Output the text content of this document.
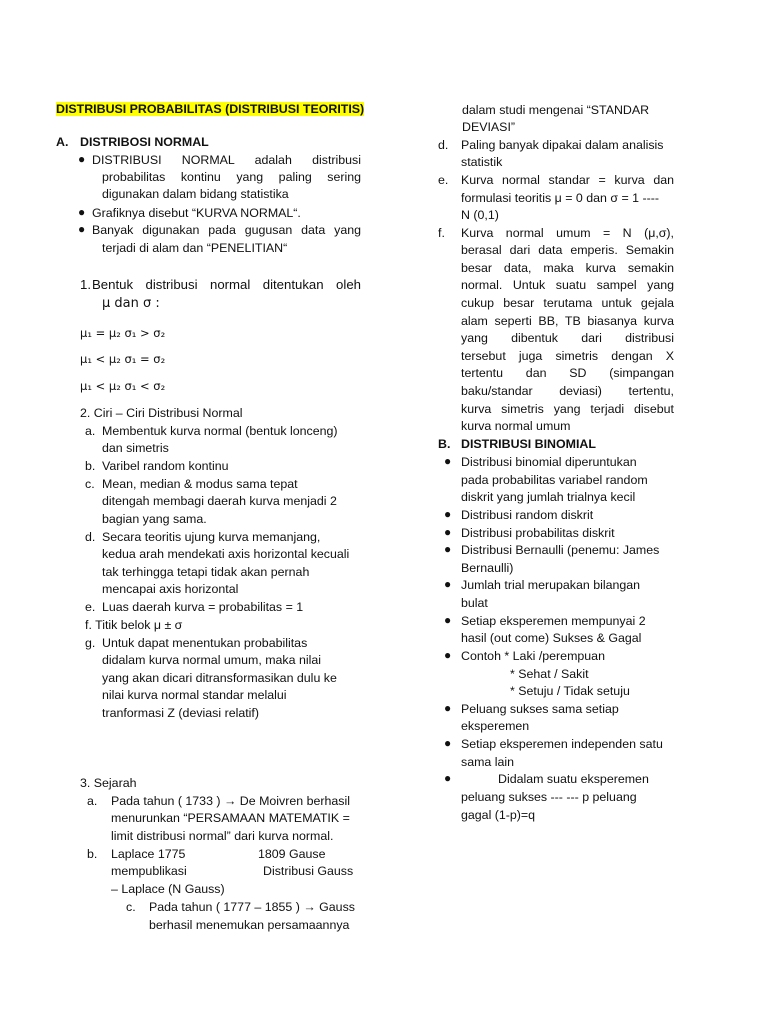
DISTRIBUSI PROBABILITAS (DISTRIBUSI TEORITIS)
A. DISTRIBOSI NORMAL
● DISTRIBUSI NORMAL adalah distribusi
probabilitas kontinu yang paling sering
digunakan dalam bidang statistika
● Grafiknya disebut “KURVA NORMAL“.
● Banyak digunakan pada gugusan data yang
terjadi di alam dan “PENELITIAN“
1. Bentuk distribusi normal ditentukan oleh
μ dan σ :
μ₁ = μ₂ σ₁ > σ₂
μ₁ < μ₂ σ₁ = σ₂
μ₁ < μ₂ σ₁ < σ₂
2. Ciri – Ciri Distribusi Normal
a. Membentuk kurva normal (bentuk lonceng)
dan simetris
b. Varibel random kontinu
c. Mean, median & modus sama tepat
ditengah membagi daerah kurva menjadi 2
bagian yang sama.
d. Secara teoritis ujung kurva memanjang,
kedua arah mendekati axis horizontal kecuali
tak terhingga tetapi tidak akan pernah
mencapai axis horizontal
e. Luas daerah kurva = probabilitas = 1
f. Titik belok μ ± σ
g. Untuk dapat menentukan probabilitas
didalam kurva normal umum, maka nilai
yang akan dicari ditransformasikan dulu ke
nilai kurva normal standar melalui
tranformasi Z (deviasi relatif)
3. Sejarah
a. Pada tahun ( 1733 ) → De Moivren berhasil
menurunkan “PERSAMAAN MATEMATIK =
limit distribusi normal” dari kurva normal.
b. Laplace 1775	1809 Gause
mempublikasi	Distribusi Gauss
– Laplace (N Gauss)
c. Pada tahun ( 1777 – 1855 ) → Gauss
berhasil menemukan persamaannya
dalam studi mengenai “STANDAR
DEVIASI”
d. Paling banyak dipakai dalam analisis
statistik
e. Kurva normal standar = kurva dan
formulasi teoritis μ = 0 dan σ = 1 ----
N (0,1)
f. Kurva normal umum = N (μ,σ),
berasal dari data emperis. Semakin
besar data, maka kurva semakin
normal. Untuk suatu sampel yang
cukup besar terutama untuk gejala
alam seperti BB, TB biasanya kurva
yang dibentuk dari distribusi
tersebut juga simetris dengan X
tertentu dan SD (simpangan
baku/standar deviasi) tertentu,
kurva simetris yang terjadi disebut
kurva normal umum
B. DISTRIBUSI BINOMIAL
● Distribusi binomial diperuntukan
pada probabilitas variabel random
diskrit yang jumlah trialnya kecil
● Distribusi random diskrit
● Distribusi probabilitas diskrit
● Distribusi Bernaulli (penemu: James
Bernaulli)
● Jumlah trial merupakan bilangan
bulat
● Setiap eksperemen mempunyai 2
hasil (out come) Sukses & Gagal
● Contoh * Laki /perempuan
* Sehat / Sakit
* Setuju / Tidak setuju
● Peluang sukses sama setiap
eksperemen
● Setiap eksperemen independen satu
sama lain
●	Didalam suatu eksperemen
peluang sukses --- --- p peluang
gagal (1-p)=q
